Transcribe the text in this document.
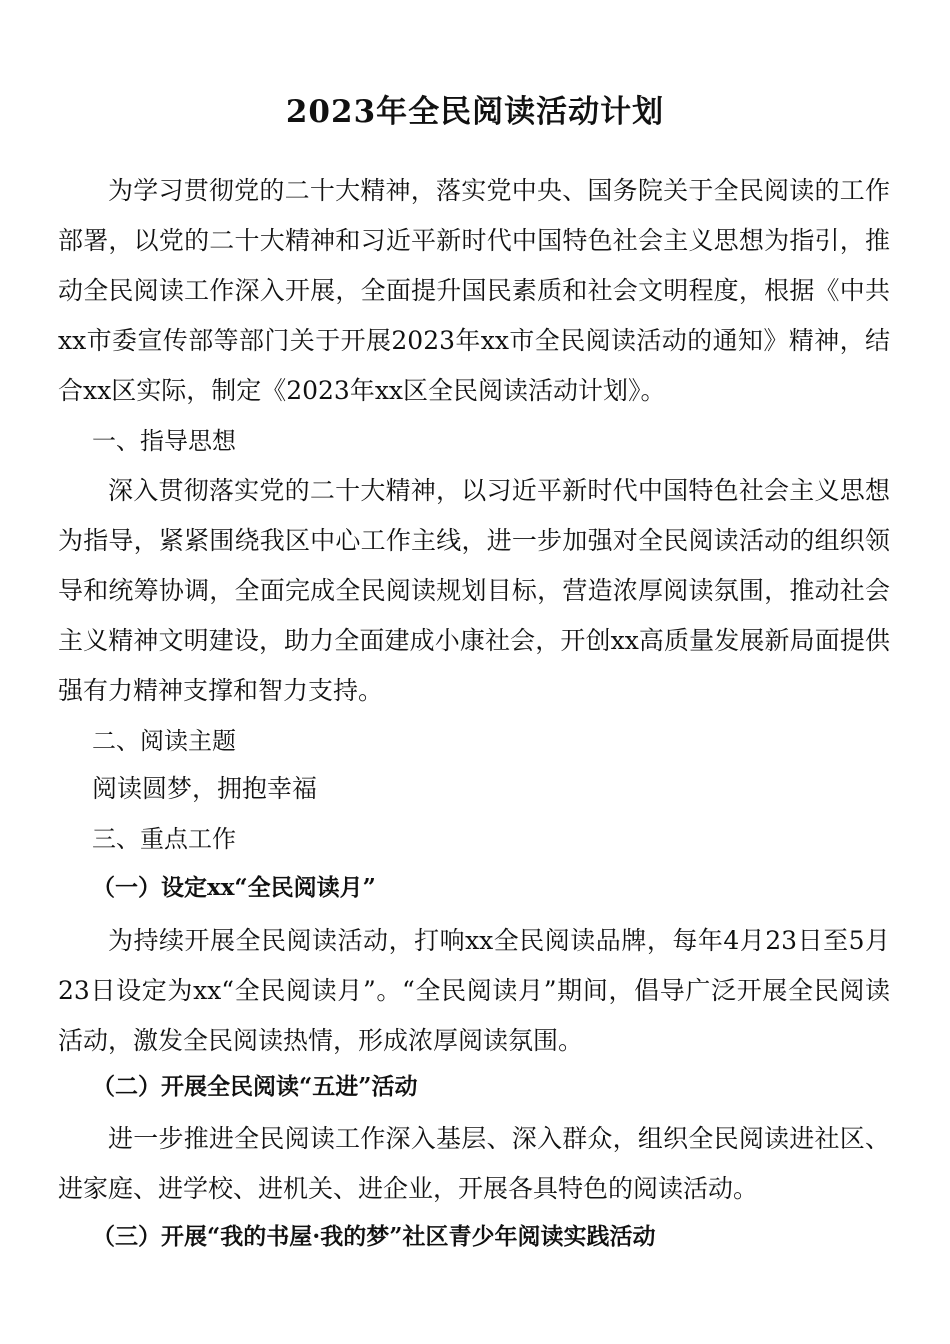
2023年全民阅读活动计划
为学习贯彻党的二十大精神，落实党中央、国务院关于全民阅读的工作部署，以党的二十大精神和习近平新时代中国特色社会主义思想为指引，推动全民阅读工作深入开展，全面提升国民素质和社会文明程度，根据《中共xx市委宣传部等部门关于开展2023年xx市全民阅读活动的通知》精神，结合xx区实际，制定《2023年xx区全民阅读活动计划》。
一、指导思想
深入贯彻落实党的二十大精神，以习近平新时代中国特色社会主义思想为指导，紧紧围绕我区中心工作主线，进一步加强对全民阅读活动的组织领导和统筹协调，全面完成全民阅读规划目标，营造浓厚阅读氛围，推动社会主义精神文明建设，助力全面建成小康社会，开创xx高质量发展新局面提供强有力精神支撑和智力支持。
二、阅读主题
阅读圆梦，拥抱幸福
三、重点工作
（一）设定xx“全民阅读月”
为持续开展全民阅读活动，打响xx全民阅读品牌，每年4月23日至5月23日设定为xx“全民阅读月”。“全民阅读月”期间，倡导广泛开展全民阅读活动，激发全民阅读热情，形成浓厚阅读氛围。
（二）开展全民阅读“五进”活动
进一步推进全民阅读工作深入基层、深入群众，组织全民阅读进社区、进家庭、进学校、进机关、进企业，开展各具特色的阅读活动。
（三）开展“我的书屋·我的梦”社区青少年阅读实践活动
